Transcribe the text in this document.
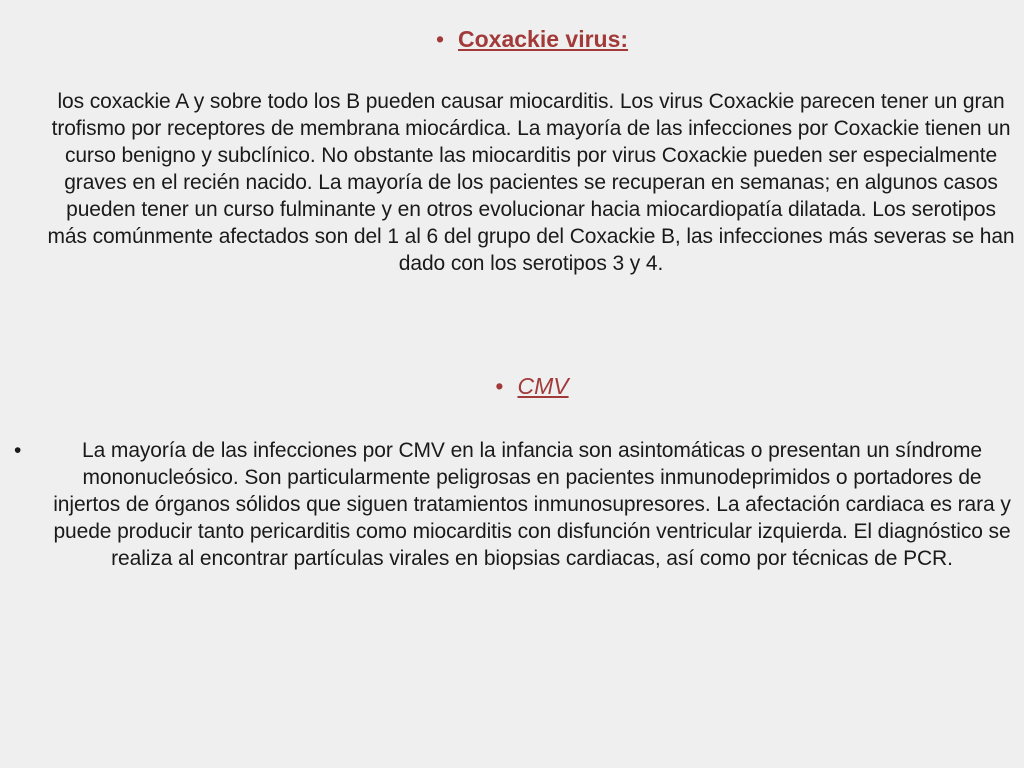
• Coxackie virus:
los coxackie A y sobre todo los B pueden causar miocarditis. Los virus Coxackie parecen tener un gran trofismo por receptores de membrana miocárdica. La mayoría de las infecciones por Coxackie tienen un curso benigno y subclínico. No obstante las miocarditis por virus Coxackie pueden ser especialmente graves en el recién nacido. La mayoría de los pacientes se recuperan en semanas; en algunos casos pueden tener un curso fulminante y en otros evolucionar hacia miocardiopatía dilatada. Los serotipos más comúnmente afectados son del 1 al 6 del grupo del Coxackie B, las infecciones más severas se han dado con los serotipos 3 y 4.
• CMV
•	La mayoría de las infecciones por CMV en la infancia son asintomáticas o presentan un síndrome mononucleósico. Son particularmente peligrosas en pacientes inmunodeprimidos o portadores de injertos de órganos sólidos que siguen tratamientos inmunosupresores. La afectación cardiaca es rara y puede producir tanto pericarditis como miocarditis con disfunción ventricular izquierda. El diagnóstico se realiza al encontrar partículas virales en biopsias cardiacas, así como por técnicas de PCR.
